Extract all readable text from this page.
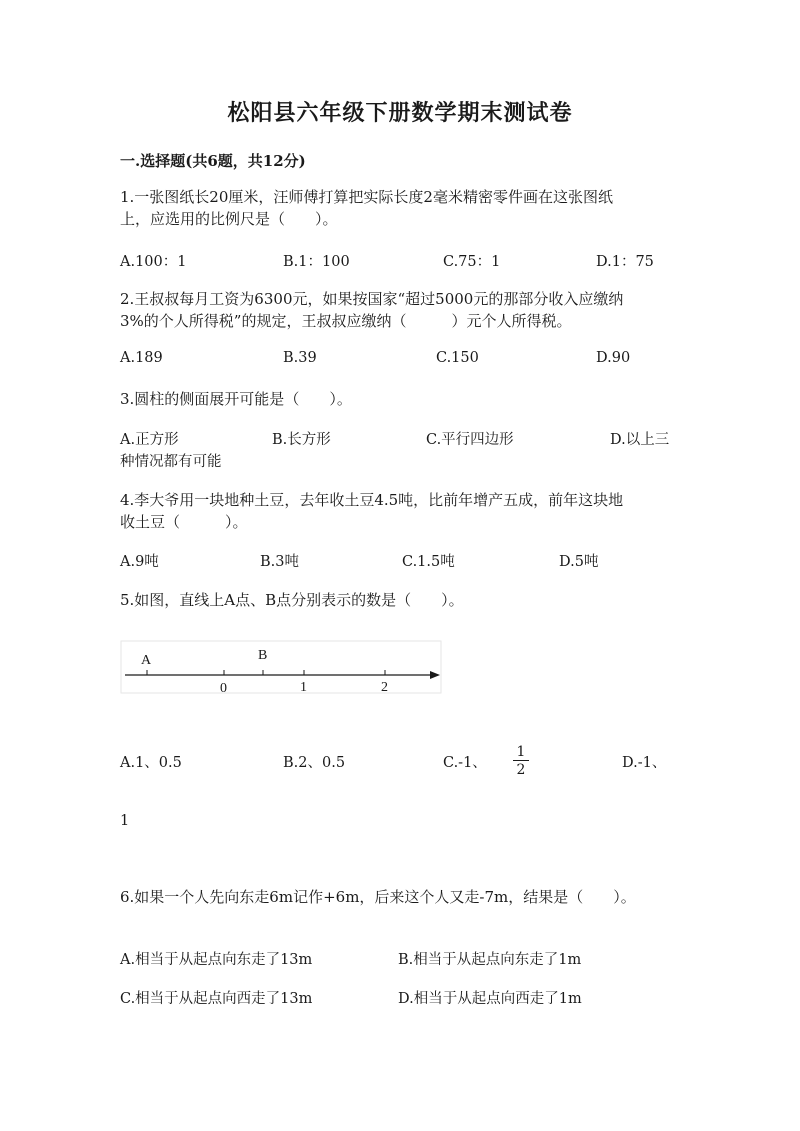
松阳县六年级下册数学期末测试卷
一.选择题(共6题，共12分)
1.一张图纸长20厘米，汪师傅打算把实际长度2毫米精密零件画在这张图纸
上，应选用的比例尺是（　　）。
A.100：1	B.1：100	C.75：1	D.1：75
2.王叔叔每月工资为6300元，如果按国家“超过5000元的那部分收入应缴纳
3%的个人所得税”的规定，王叔叔应缴纳（　　　）元个人所得税。
A.189	B.39	C.150	D.90
3.圆柱的侧面展开可能是（　　）。
A.正方形	B.长方形	C.平行四边形	D.以上三
种情况都有可能
4.李大爷用一块地种土豆，去年收土豆4.5吨，比前年增产五成，前年这块地
收土豆（　　　）。
A.9吨	B.3吨	C.1.5吨	D.5吨
5.如图，直线上A点、B点分别表示的数是（　　）。
A	B
0	1	2
A.1、0.5	B.2、0.5	C.-1、
1
2	D.-1、
1
6.如果一个人先向东走6m记作+6m，后来这个人又走-7m，结果是（　　）。
A.相当于从起点向东走了13m	B.相当于从起点向东走了1m
C.相当于从起点向西走了13m	D.相当于从起点向西走了1m
